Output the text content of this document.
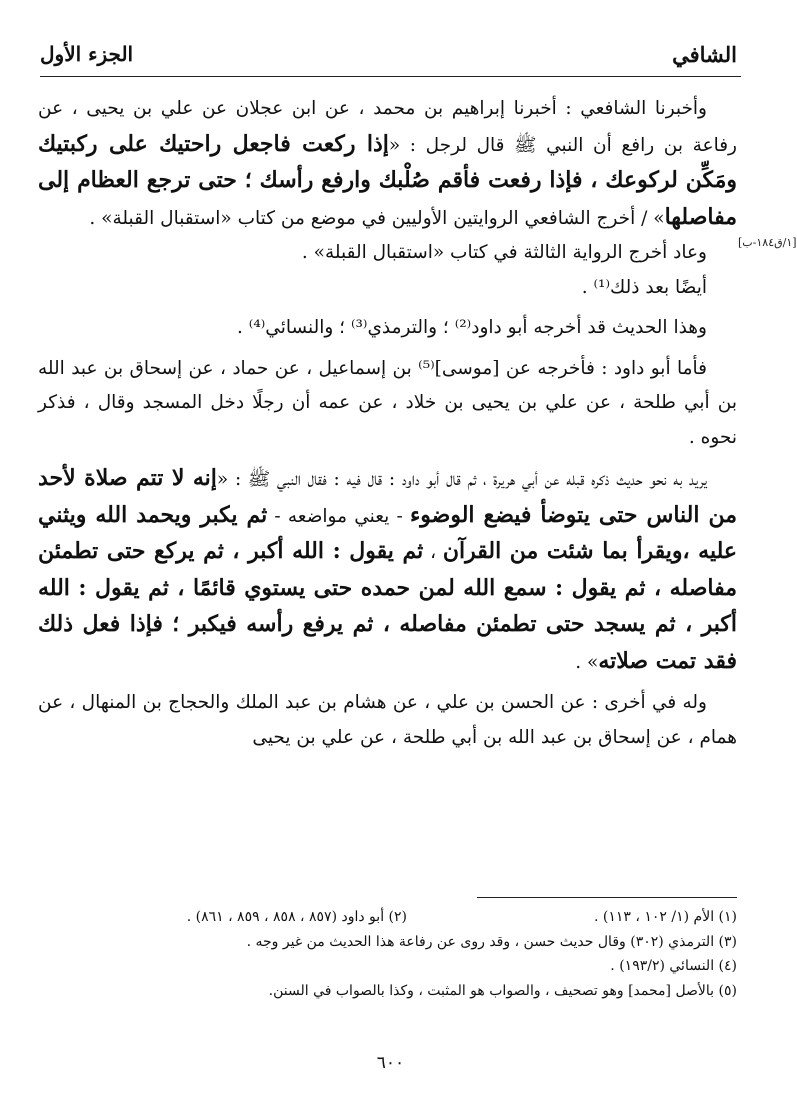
الشافي
الجزء الأول
[١/ق١٨٤-ب]

وأخبرنا الشافعي : أخبرنا إبراهيم بن محمد ، عن ابن عجلان عن علي بن يحيى ، عن رفاعة بن رافع أن النبي ﷺ قال لرجل : «إذا ركعت فاجعل راحتيك على ركبتيك ومَكِّن لركوعك ، فإذا رفعت فأقم صُلْبك وارفع رأسك ؛ حتى ترجع العظام إلى مفاصلها» / أخرج الشافعي الروايتين الأوليين في موضع من كتاب «استقبال القبلة» .

وعاد أخرج الرواية الثالثة في كتاب «استقبال القبلة» .

أيضًا بعد ذلك⁽¹⁾ .

وهذا الحديث قد أخرجه أبو داود⁽²⁾ ؛ والترمذي⁽³⁾ ؛ والنسائي⁽⁴⁾ .

فأما أبو داود : فأخرجه عن [موسى]⁽⁵⁾ بن إسماعيل ، عن حماد ، عن إسحاق بن عبد الله بن أبي طلحة ، عن علي بن يحيى بن خلاد ، عن عمه أن رجلًا دخل المسجد وقال ، فذكر نحوه .

يريد به نحو حديث ذكره قبله عن أبي هريرة ، ثم قال أبو داود : قال فيه : فقال النبي ﷺ : «إنه لا تتم صلاة لأحد من الناس حتى يتوضأ فيضع الوضوء - يعني مواضعه - ثم يكبر ويحمد الله ويثني عليه ،ويقرأ بما شئت من القرآن ، ثم يقول : الله أكبر ، ثم يركع حتى تطمئن مفاصله ، ثم يقول : سمع الله لمن حمده حتى يستوي قائمًا ، ثم يقول : الله أكبر ، ثم يسجد حتى تطمئن مفاصله ، ثم يرفع رأسه فيكبر ؛ فإذا فعل ذلك فقد تمت صلاته» .

وله في أخرى : عن الحسن بن علي ، عن هشام بن عبد الملك والحجاج بن المنهال ، عن همام ، عن إسحاق بن عبد الله بن أبي طلحة ، عن علي بن يحيى

(١) الأم (١/ ١٠٢ ، ١١٣) .
(٢) أبو داود (٨٥٧ ، ٨٥٨ ، ٨٥٩ ، ٨٦١) .
(٣) الترمذي (٣٠٢) وقال حديث حسن ، وقد روى عن رفاعة هذا الحديث من غير وجه .
(٤) النسائي (١٩٣/٢) .
(٥) بالأصل [محمد] وهو تصحيف ، والصواب هو المثبت ، وكذا بالصواب في السنن.
٦٠٠
